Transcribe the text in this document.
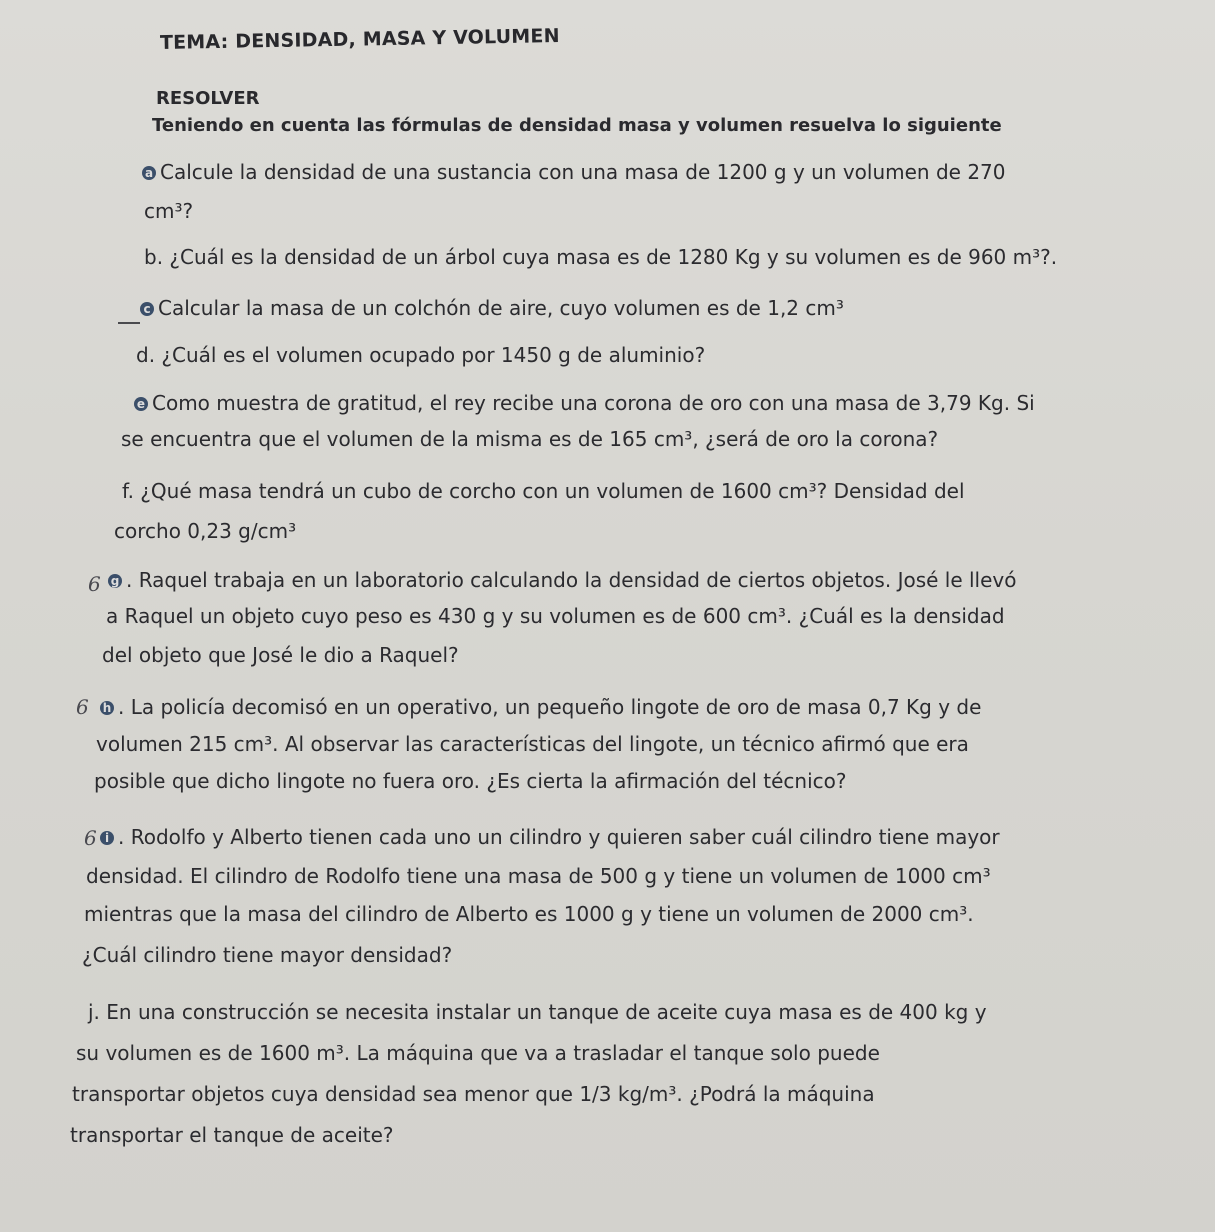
TEMA: DENSIDAD, MASA Y VOLUMEN
RESOLVER
Teniendo en cuenta las fórmulas de densidad masa y volumen resuelva lo siguiente
a Calcule la densidad de una sustancia con una masa de 1200 g y un volumen de 270
cm³?
b. ¿Cuál es la densidad de un árbol cuya masa es de 1280 Kg y su volumen es de 960 m³?.
c Calcular la masa de un colchón de aire, cuyo volumen es de 1,2 cm³
d. ¿Cuál es el volumen ocupado por 1450 g de aluminio?
e Como muestra de gratitud, el rey recibe una corona de oro con una masa de 3,79 Kg. Si
se encuentra que el volumen de la misma es de 165 cm³, ¿será de oro la corona?
f. ¿Qué masa tendrá un cubo de corcho con un volumen de 1600 cm³? Densidad del
corcho 0,23 g/cm³
6 g . Raquel trabaja en un laboratorio calculando la densidad de ciertos objetos. José le llevó
a Raquel un objeto cuyo peso es 430 g y su volumen es de 600 cm³. ¿Cuál es la densidad
del objeto que José le dio a Raquel?
6 h . La policía decomisó en un operativo, un pequeño lingote de oro de masa 0,7 Kg y de
volumen 215 cm³. Al observar las características del lingote, un técnico afirmó que era
posible que dicho lingote no fuera oro. ¿Es cierta la afirmación del técnico?
6 i . Rodolfo y Alberto tienen cada uno un cilindro y quieren saber cuál cilindro tiene mayor
densidad. El cilindro de Rodolfo tiene una masa de 500 g y tiene un volumen de 1000 cm³
mientras que la masa del cilindro de Alberto es 1000 g y tiene un volumen de 2000 cm³.
¿Cuál cilindro tiene mayor densidad?
j. En una construcción se necesita instalar un tanque de aceite cuya masa es de 400 kg y
su volumen es de 1600 m³. La máquina que va a trasladar el tanque solo puede
transportar objetos cuya densidad sea menor que 1/3 kg/m³. ¿Podrá la máquina
transportar el tanque de aceite?
